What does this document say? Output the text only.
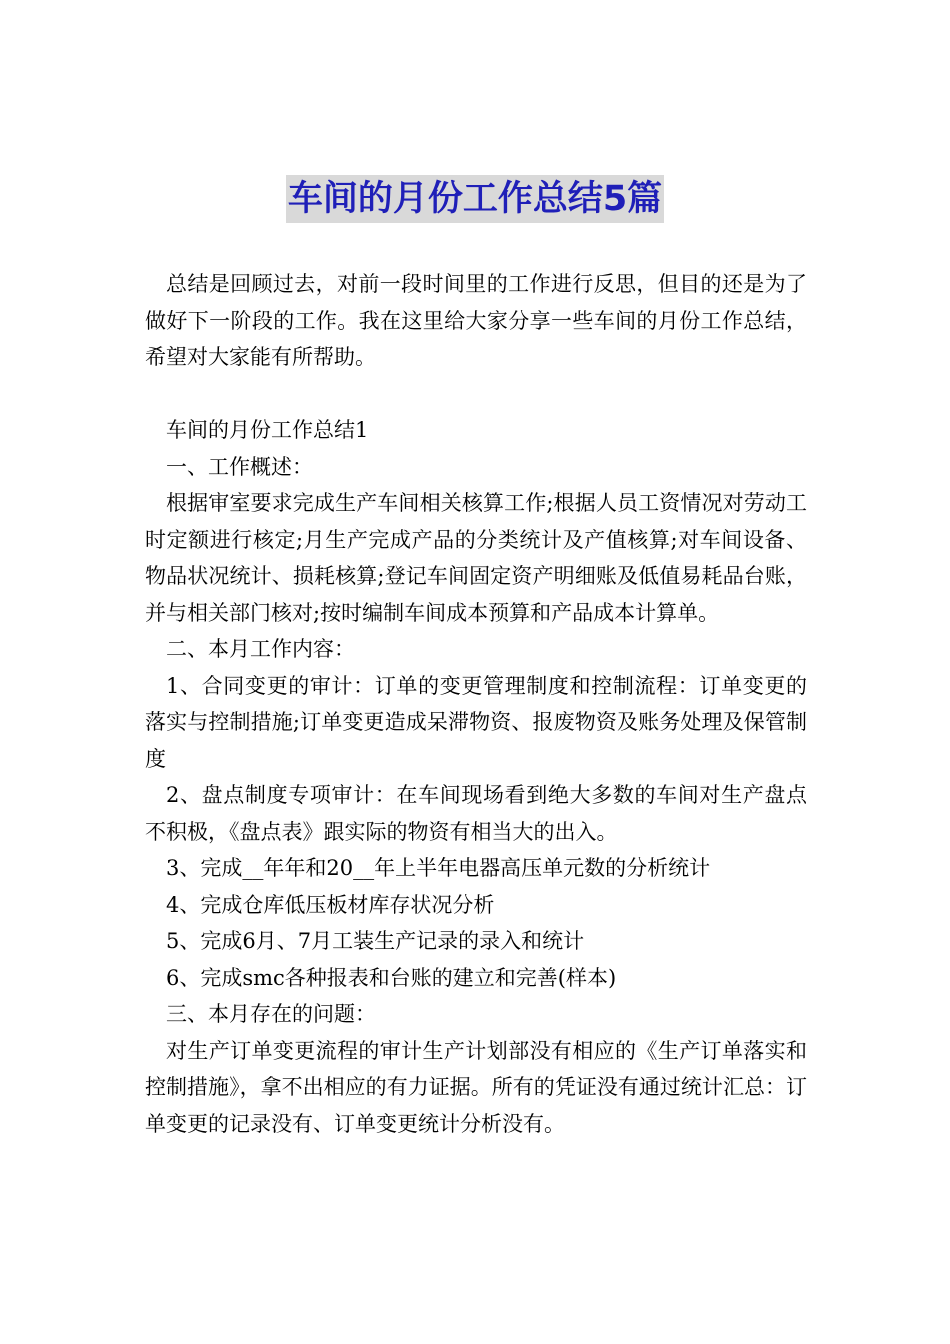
车间的月份工作总结5篇

总结是回顾过去，对前一段时间里的工作进行反思，但目的还是为了做好下一阶段的工作。我在这里给大家分享一些车间的月份工作总结，希望对大家能有所帮助。

车间的月份工作总结1

一、工作概述：

根据审室要求完成生产车间相关核算工作;根据人员工资情况对劳动工时定额进行核定;月生产完成产品的分类统计及产值核算;对车间设备、物品状况统计、损耗核算;登记车间固定资产明细账及低值易耗品台账，并与相关部门核对;按时编制车间成本预算和产品成本计算单。

二、本月工作内容：

1、合同变更的审计：订单的变更管理制度和控制流程：订单变更的落实与控制措施;订单变更造成呆滞物资、报废物资及账务处理及保管制度

2、盘点制度专项审计：在车间现场看到绝大多数的车间对生产盘点不积极，《盘点表》跟实际的物资有相当大的出入。

3、完成__年年和20__年上半年电器高压单元数的分析统计

4、完成仓库低压板材库存状况分析

5、完成6月、7月工装生产记录的录入和统计

6、完成smc各种报表和台账的建立和完善(样本)

三、本月存在的问题：

对生产订单变更流程的审计生产计划部没有相应的《生产订单落实和控制措施》，拿不出相应的有力证据。所有的凭证没有通过统计汇总：订单变更的记录没有、订单变更统计分析没有。
